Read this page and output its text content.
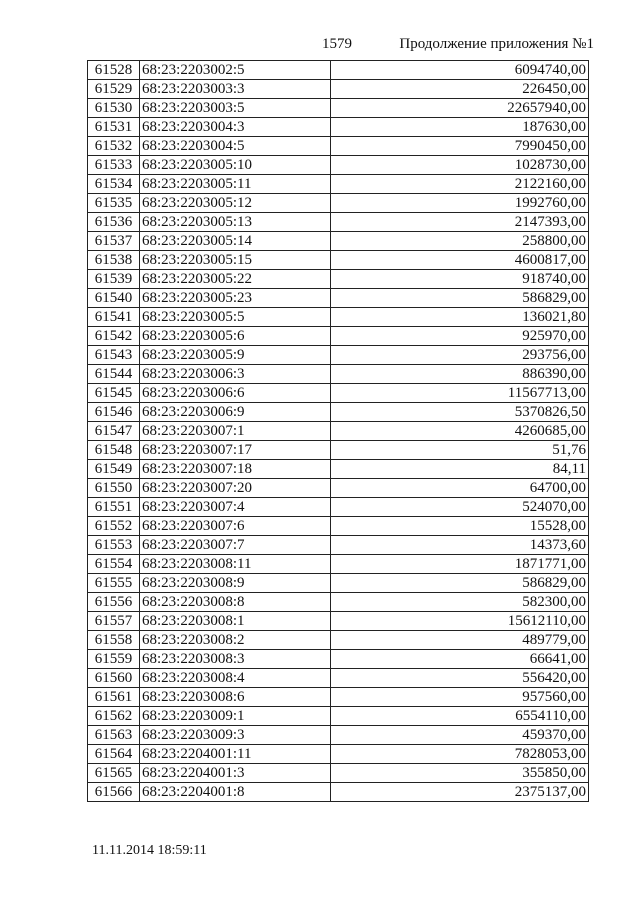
1579	Продолжение приложения №1
61528	68:23:2203002:5	6094740,00
61529	68:23:2203003:3	226450,00
61530	68:23:2203003:5	22657940,00
61531	68:23:2203004:3	187630,00
61532	68:23:2203004:5	7990450,00
61533	68:23:2203005:10	1028730,00
61534	68:23:2203005:11	2122160,00
61535	68:23:2203005:12	1992760,00
61536	68:23:2203005:13	2147393,00
61537	68:23:2203005:14	258800,00
61538	68:23:2203005:15	4600817,00
61539	68:23:2203005:22	918740,00
61540	68:23:2203005:23	586829,00
61541	68:23:2203005:5	136021,80
61542	68:23:2203005:6	925970,00
61543	68:23:2203005:9	293756,00
61544	68:23:2203006:3	886390,00
61545	68:23:2203006:6	11567713,00
61546	68:23:2203006:9	5370826,50
61547	68:23:2203007:1	4260685,00
61548	68:23:2203007:17	51,76
61549	68:23:2203007:18	84,11
61550	68:23:2203007:20	64700,00
61551	68:23:2203007:4	524070,00
61552	68:23:2203007:6	15528,00
61553	68:23:2203007:7	14373,60
61554	68:23:2203008:11	1871771,00
61555	68:23:2203008:9	586829,00
61556	68:23:2203008:8	582300,00
61557	68:23:2203008:1	15612110,00
61558	68:23:2203008:2	489779,00
61559	68:23:2203008:3	66641,00
61560	68:23:2203008:4	556420,00
61561	68:23:2203008:6	957560,00
61562	68:23:2203009:1	6554110,00
61563	68:23:2203009:3	459370,00
61564	68:23:2204001:11	7828053,00
61565	68:23:2204001:3	355850,00
61566	68:23:2204001:8	2375137,00
11.11.2014 18:59:11
